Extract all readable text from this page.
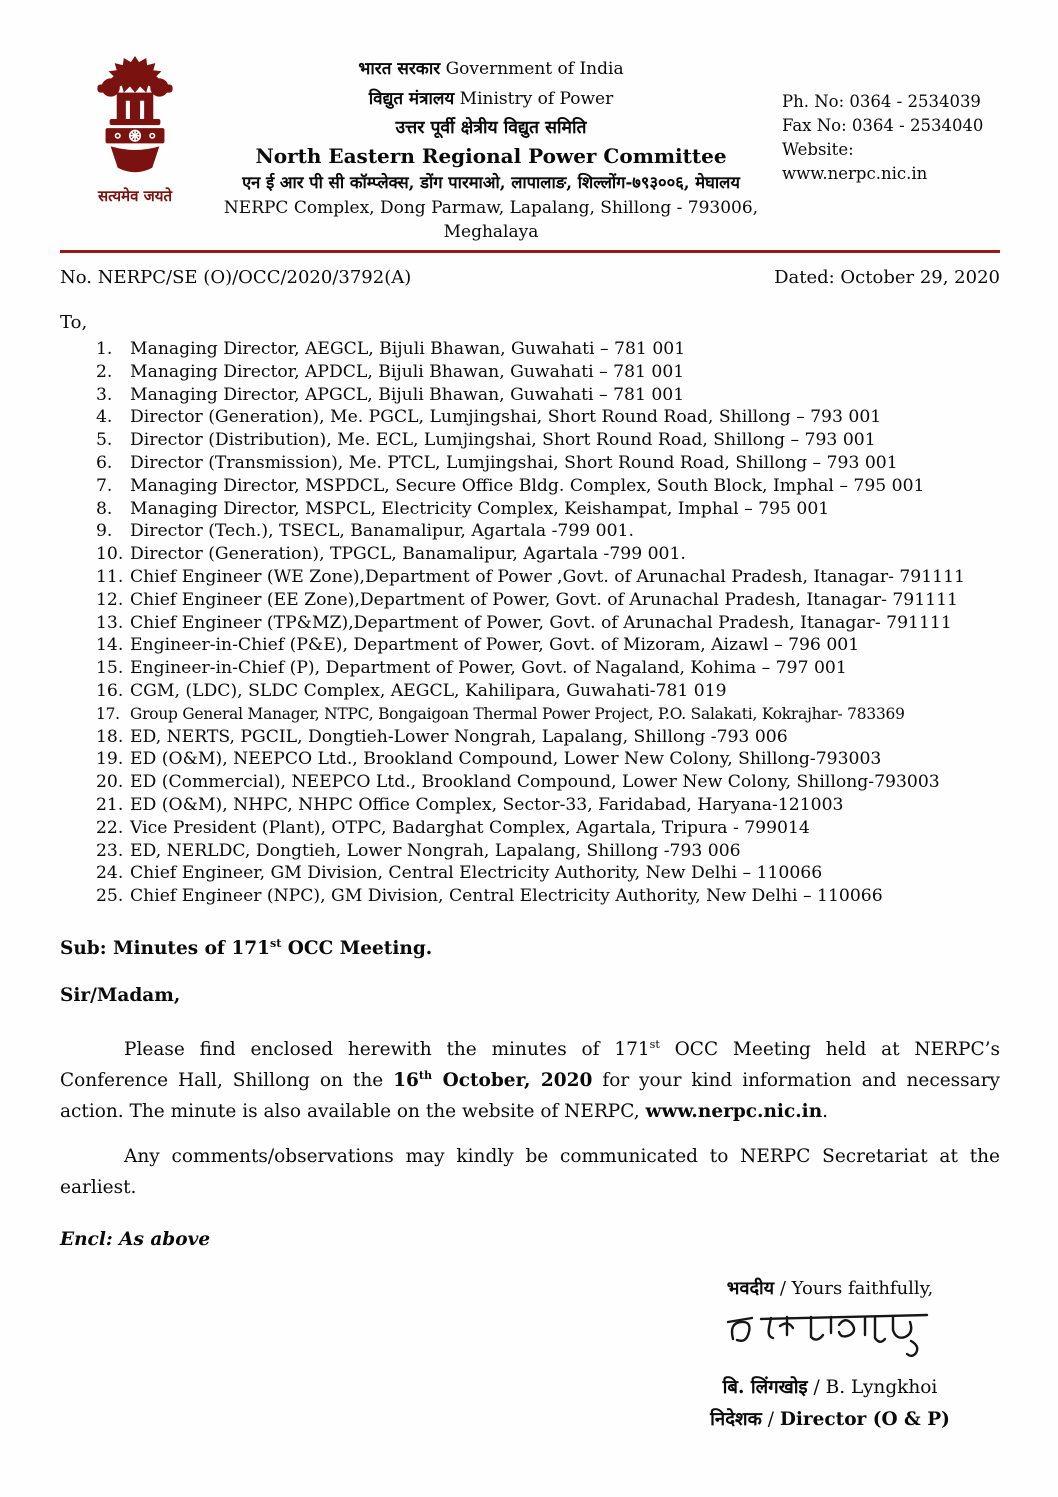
सत्यमेव जयते
भारत सरकार Government of India
विद्युत मंत्रालय Ministry of Power
उत्तर पूर्वी क्षेत्रीय विद्युत समिति
North Eastern Regional Power Committee
एन ई आर पी सी कॉम्प्लेक्स, डोंग पारमाओ, लापालाङ, शिल्लोंग-७९३००६, मेघालय
NERPC Complex, Dong Parmaw, Lapalang, Shillong - 793006, Meghalaya
Ph. No: 0364 - 2534039
Fax No: 0364 - 2534040
Website: www.nerpc.nic.in
No. NERPC/SE (O)/OCC/2020/3792(A)	Dated: October 29, 2020
To,
1.	Managing Director, AEGCL, Bijuli Bhawan, Guwahati – 781 001
2.	Managing Director, APDCL, Bijuli Bhawan, Guwahati – 781 001
3.	Managing Director, APGCL, Bijuli Bhawan, Guwahati – 781 001
4.	Director (Generation), Me. PGCL, Lumjingshai, Short Round Road, Shillong – 793 001
5.	Director (Distribution), Me. ECL, Lumjingshai, Short Round Road, Shillong – 793 001
6.	Director (Transmission), Me. PTCL, Lumjingshai, Short Round Road, Shillong – 793 001
7.	Managing Director, MSPDCL, Secure Office Bldg. Complex, South Block, Imphal – 795 001
8.	Managing Director, MSPCL, Electricity Complex, Keishampat, Imphal – 795 001
9.	Director (Tech.), TSECL, Banamalipur, Agartala -799 001.
10. Director (Generation), TPGCL, Banamalipur, Agartala -799 001.
11. Chief Engineer (WE Zone),Department of Power ,Govt. of Arunachal Pradesh, Itanagar- 791111
12. Chief Engineer (EE Zone),Department of Power, Govt. of Arunachal Pradesh, Itanagar- 791111
13. Chief Engineer (TP&MZ),Department of Power, Govt. of Arunachal Pradesh, Itanagar- 791111
14. Engineer-in-Chief (P&E), Department of Power, Govt. of Mizoram, Aizawl – 796 001
15. Engineer-in-Chief (P), Department of Power, Govt. of Nagaland, Kohima – 797 001
16. CGM, (LDC), SLDC Complex, AEGCL, Kahilipara, Guwahati-781 019
17. Group General Manager, NTPC, Bongaigoan Thermal Power Project, P.O. Salakati, Kokrajhar- 783369
18. ED, NERTS, PGCIL, Dongtieh-Lower Nongrah, Lapalang, Shillong -793 006
19. ED (O&M), NEEPCO Ltd., Brookland Compound, Lower New Colony, Shillong-793003
20. ED (Commercial), NEEPCO Ltd., Brookland Compound, Lower New Colony, Shillong-793003
21. ED (O&M), NHPC, NHPC Office Complex, Sector-33, Faridabad, Haryana-121003
22. Vice President (Plant), OTPC, Badarghat Complex, Agartala, Tripura - 799014
23. ED, NERLDC, Dongtieh, Lower Nongrah, Lapalang, Shillong -793 006
24. Chief Engineer, GM Division, Central Electricity Authority, New Delhi – 110066
25. Chief Engineer (NPC), GM Division, Central Electricity Authority, New Delhi – 110066

Sub: Minutes of 171st OCC Meeting.

Sir/Madam,

Please find enclosed herewith the minutes of 171st OCC Meeting held at NERPC’s Conference Hall, Shillong on the 16th October, 2020 for your kind information and necessary action. The minute is also available on the website of NERPC, www.nerpc.nic.in.

Any comments/observations may kindly be communicated to NERPC Secretariat at the earliest.

Encl: As above

भवदीय / Yours faithfully,
बि. लिंगखोइ / B. Lyngkhoi
निदेशक / Director (O & P)
